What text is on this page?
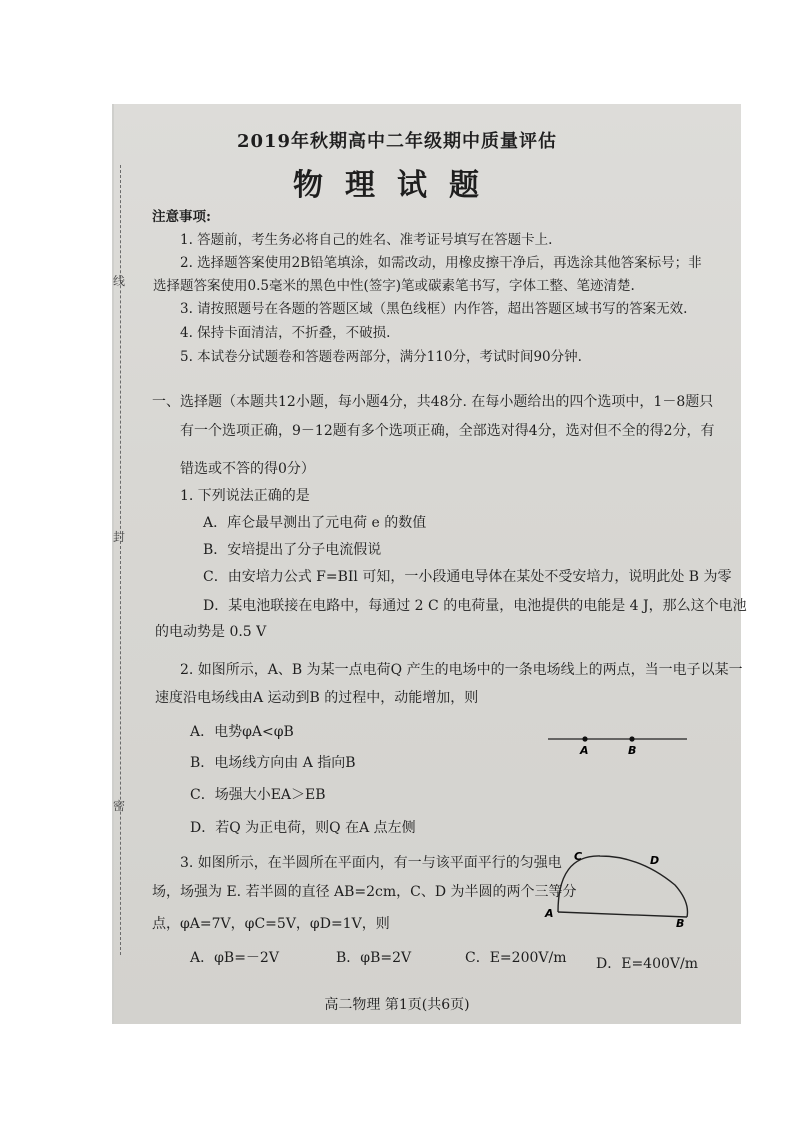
线
封
密
2019年秋期高中二年级期中质量评估
物理试题
注意事项:
1. 答题前，考生务必将自己的姓名、准考证号填写在答题卡上.
2. 选择题答案使用2B铅笔填涂，如需改动，用橡皮擦干净后，再选涂其他答案标号；非
选择题答案使用0.5毫米的黑色中性(签字)笔或碳素笔书写，字体工整、笔迹清楚.
3. 请按照题号在各题的答题区域（黑色线框）内作答，超出答题区域书写的答案无效.
4. 保持卡面清洁，不折叠，不破损.
5. 本试卷分试题卷和答题卷两部分，满分110分，考试时间90分钟.
一、选择题（本题共12小题，每小题4分，共48分. 在每小题给出的四个选项中，1－8题只
有一个选项正确，9－12题有多个选项正确，全部选对得4分，选对但不全的得2分，有
错选或不答的得0分）
1. 下列说法正确的是
A．库仑最早测出了元电荷 e 的数值
B．安培提出了分子电流假说
C．由安培力公式 F=BIl 可知，一小段通电导体在某处不受安培力，说明此处 B 为零
D．某电池联接在电路中，每通过 2 C 的电荷量，电池提供的电能是 4 J，那么这个电池
的电动势是 0.5 V
2. 如图所示，A、B 为某一点电荷Q 产生的电场中的一条电场线上的两点，当一电子以某一
速度沿电场线由A 运动到B 的过程中，动能增加，则
A．电势φA<φB
B．电场线方向由 A 指向B
C．场强大小EA＞EB
D．若Q 为正电荷，则Q 在A 点左侧
A	B
C	D
A
B
3. 如图所示，在半圆所在平面内，有一与该平面平行的匀强电
场，场强为 E. 若半圆的直径 AB=2cm，C、D 为半圆的两个三等分
点，φA=7V，φC=5V，φD=1V，则
A．φB=－2V	B．φB=2V	C．E=200V/m D．E=400V/m
高二物理 第1页(共6页)
